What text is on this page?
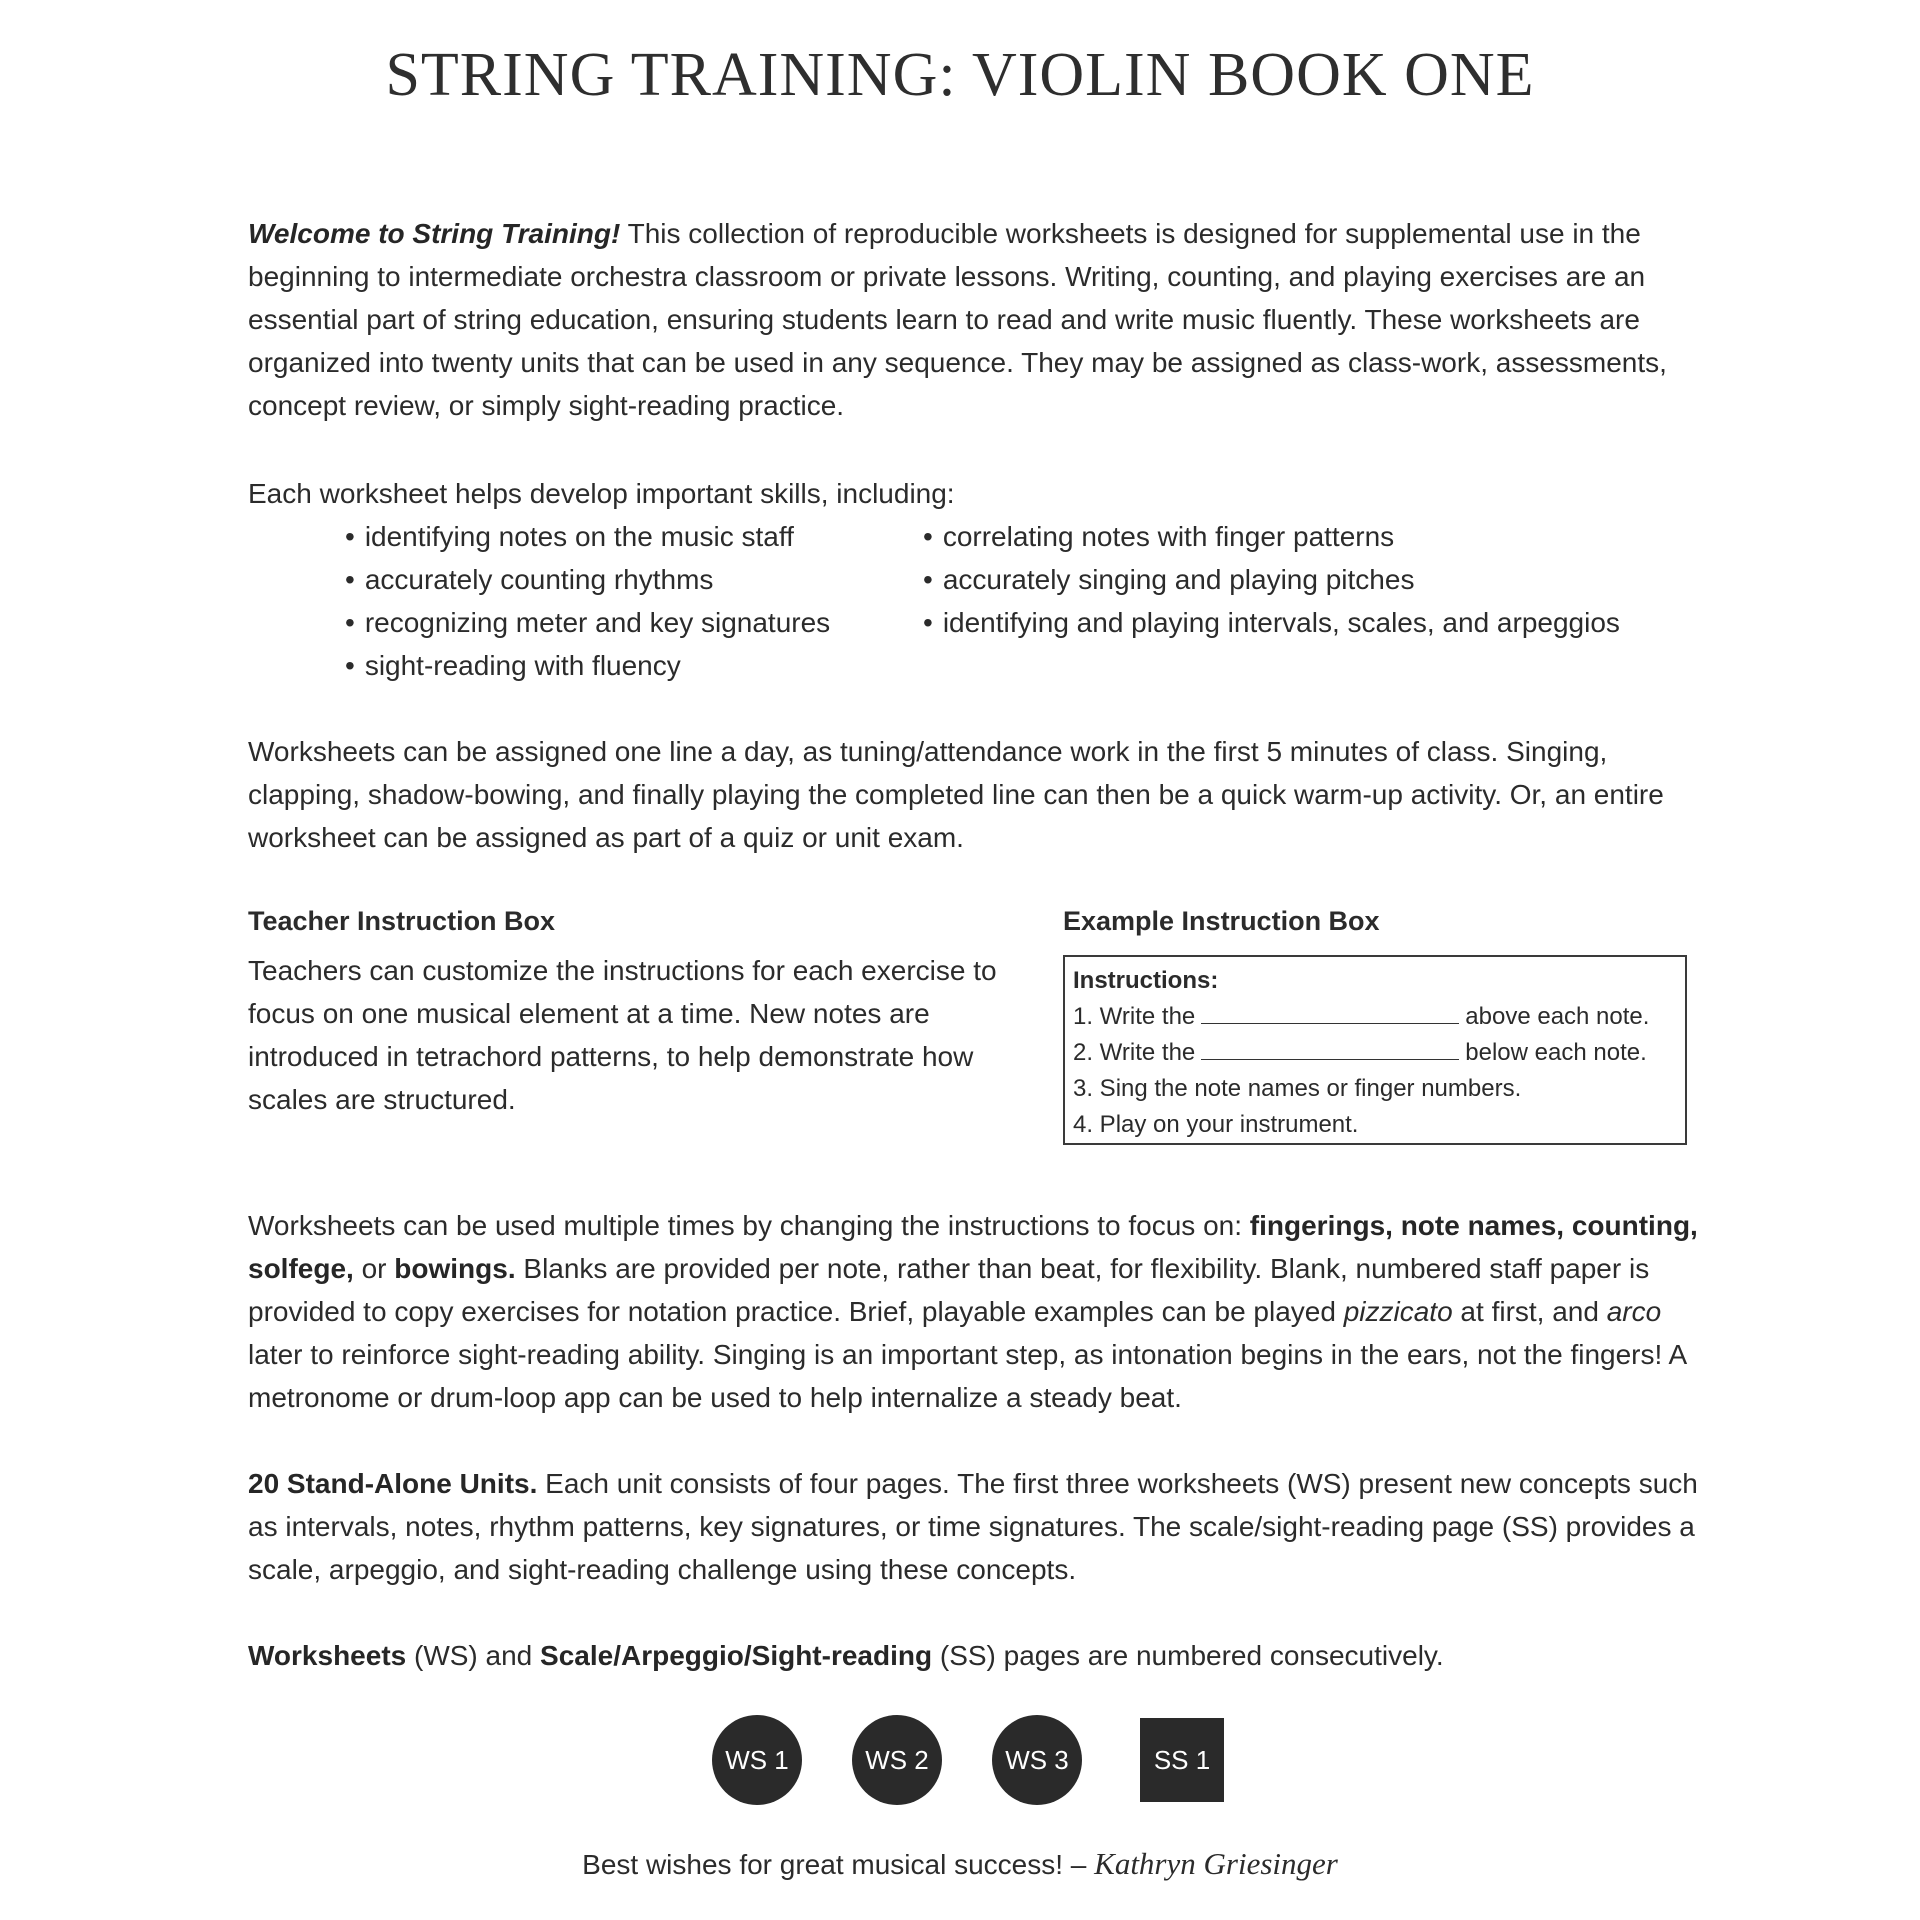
STRING TRAINING: VIOLIN BOOK ONE
Welcome to String Training! This collection of reproducible worksheets is designed for supplemental use in the beginning to intermediate orchestra classroom or private lessons. Writing, counting, and playing exercises are an essential part of string education, ensuring students learn to read and write music fluently. These worksheets are organized into twenty units that can be used in any sequence. They may be assigned as class-work, assessments, concept review, or simply sight-reading practice.
Each worksheet helps develop important skills, including:
• identifying notes on the music staff	• correlating notes with finger patterns
• accurately counting rhythms	• accurately singing and playing pitches
• recognizing meter and key signatures	• identifying and playing intervals, scales, and arpeggios
• sight-reading with fluency
Worksheets can be assigned one line a day, as tuning/attendance work in the first 5 minutes of class. Singing, clapping, shadow-bowing, and finally playing the completed line can then be a quick warm-up activity. Or, an entire worksheet can be assigned as part of a quiz or unit exam.
Teacher Instruction Box
Teachers can customize the instructions for each exercise to focus on one musical element at a time. New notes are introduced in tetrachord patterns, to help demonstrate how scales are structured.
Example Instruction Box
Instructions:
1. Write the	above each note.
2. Write the	below each note.
3. Sing the note names or finger numbers.
4. Play on your instrument.
Worksheets can be used multiple times by changing the instructions to focus on: fingerings, note names, counting, solfege, or bowings. Blanks are provided per note, rather than beat, for flexibility. Blank, numbered staff paper is provided to copy exercises for notation practice. Brief, playable examples can be played pizzicato at first, and arco later to reinforce sight-reading ability. Singing is an important step, as intonation begins in the ears, not the fingers! A metronome or drum-loop app can be used to help internalize a steady beat.
20 Stand-Alone Units. Each unit consists of four pages. The first three worksheets (WS) present new concepts such as intervals, notes, rhythm patterns, key signatures, or time signatures. The scale/sight-reading page (SS) provides a scale, arpeggio, and sight-reading challenge using these concepts.
Worksheets (WS) and Scale/Arpeggio/Sight-reading (SS) pages are numbered consecutively.
WS 1	WS 2	WS 3	SS 1
Best wishes for great musical success! – Kathryn Griesinger
